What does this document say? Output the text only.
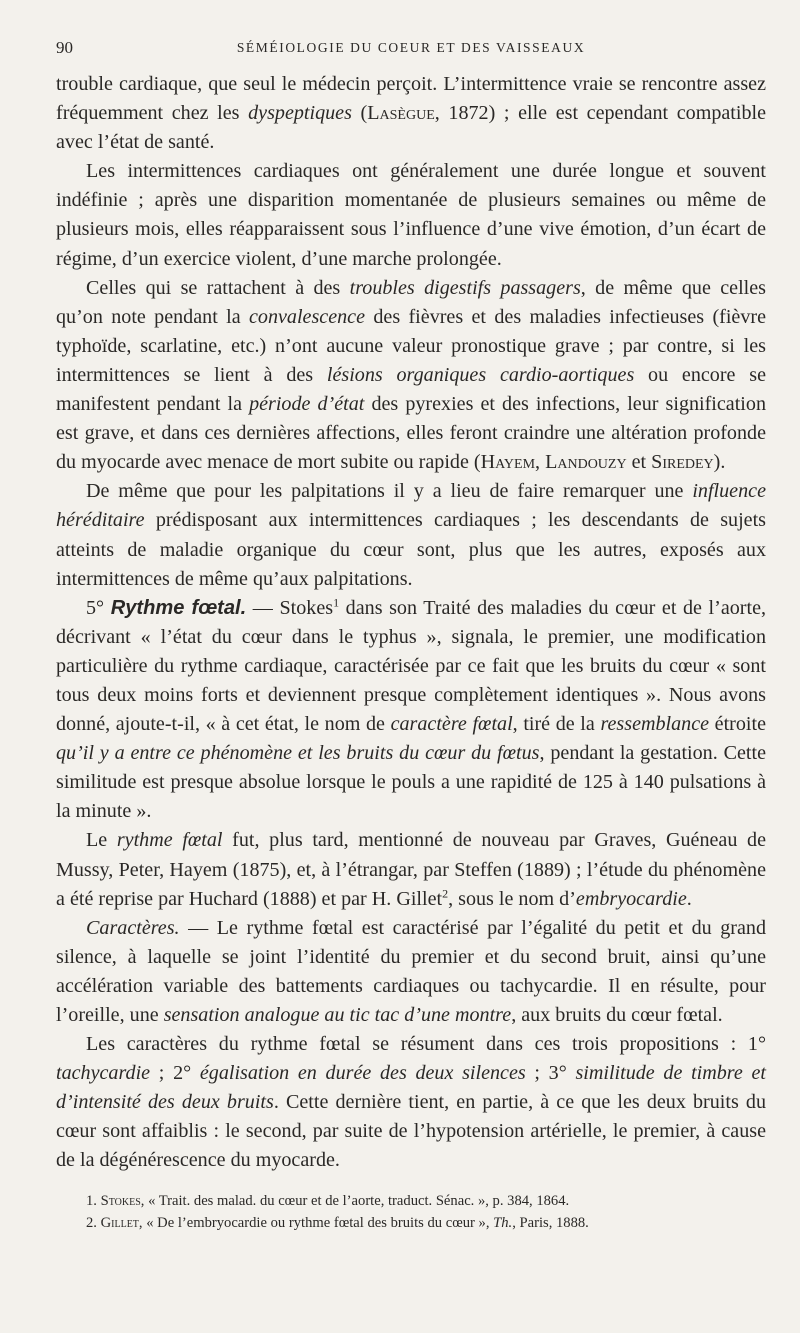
90	SÉMÉIOLOGIE DU COEUR ET DES VAISSEAUX

trouble cardiaque, que seul le médecin perçoit. L’intermittence vraie se rencontre assez fréquemment chez les dyspeptiques (Lasègue, 1872) ; elle est cependant compatible avec l’état de santé.

Les intermittences cardiaques ont généralement une durée longue et souvent indéfinie ; après une disparition momentanée de plusieurs semaines ou même de plusieurs mois, elles réapparaissent sous l’influence d’une vive émotion, d’un écart de régime, d’un exercice violent, d’une marche prolongée.

Celles qui se rattachent à des troubles digestifs passagers, de même que celles qu’on note pendant la convalescence des fièvres et des maladies infectieuses (fièvre typhoïde, scarlatine, etc.) n’ont aucune valeur pronostique grave ; par contre, si les intermittences se lient à des lésions organiques cardio-aortiques ou encore se manifestent pendant la période d’état des pyrexies et des infections, leur signification est grave, et dans ces dernières affections, elles feront craindre une altération profonde du myocarde avec menace de mort subite ou rapide (Hayem, Landouzy et Siredey).

De même que pour les palpitations il y a lieu de faire remarquer une influence héréditaire prédisposant aux intermittences cardiaques ; les descendants de sujets atteints de maladie organique du cœur sont, plus que les autres, exposés aux intermittences de même qu’aux palpitations.

5° Rythme fœtal. — Stokes$^1$ dans son Traité des maladies du cœur et de l’aorte, décrivant « l’état du cœur dans le typhus », signala, le premier, une modification particulière du rythme cardiaque, caractérisée par ce fait que les bruits du cœur « sont tous deux moins forts et deviennent presque complètement identiques ». Nous avons donné, ajoute-t-il, « à cet état, le nom de caractère fœtal, tiré de la ressemblance étroite qu’il y a entre ce phénomène et les bruits du cœur du fœtus, pendant la gestation. Cette similitude est presque absolue lorsque le pouls a une rapidité de 125 à 140 pulsations à la minute ».

Le rythme fœtal fut, plus tard, mentionné de nouveau par Graves, Guéneau de Mussy, Peter, Hayem (1875), et, à l’étrangar, par Steffen (1889) ; l’étude du phénomène a été reprise par Huchard (1888) et par H. Gillet$^2$, sous le nom d’embryocardie.

Caractères. — Le rythme fœtal est caractérisé par l’égalité du petit et du grand silence, à laquelle se joint l’identité du premier et du second bruit, ainsi qu’une accélération variable des battements cardiaques ou tachycardie. Il en résulte, pour l’oreille, une sensation analogue au tic tac d’une montre, aux bruits du cœur fœtal.

Les caractères du rythme fœtal se résument dans ces trois propositions : 1° tachycardie ; 2° égalisation en durée des deux silences ; 3° similitude de timbre et d’intensité des deux bruits. Cette dernière tient, en partie, à ce que les deux bruits du cœur sont affaiblis : le second, par suite de l’hypotension artérielle, le premier, à cause de la dégénérescence du myocarde.

1. Stokes, « Trait. des malad. du cœur et de l’aorte, traduct. Sénac. », p. 384, 1864.

2. Gillet, « De l’embryocardie ou rythme fœtal des bruits du cœur », Th., Paris, 1888.
